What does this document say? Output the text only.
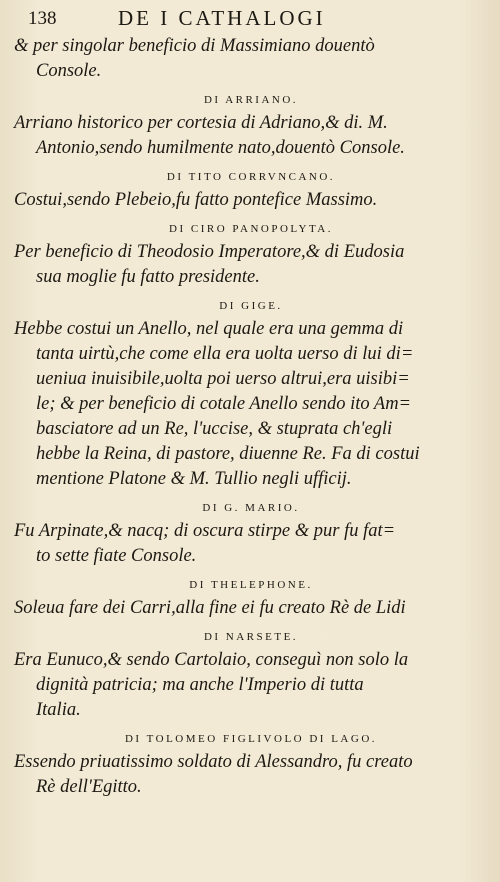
138	DE I CATHALOGI
& per singolar beneficio di Massimiano douentò
Console.
DI ARRIANO.
Arriano historico per cortesia di Adriano,& di. M.
Antonio,sendo humilmente nato,douentò Console.
DI TITO CORRVNCANO.
Costui,sendo Plebeio,fu fatto pontefice Massimo.
DI CIRO PANOPOLYTA.
Per beneficio di Theodosio Imperatore,& di Eudosia
sua moglie fu fatto presidente.
DI GIGE.
Hebbe costui un Anello, nel quale era una gemma di
tanta uirtù,che come ella era uolta uerso di lui di=
ueniua inuisibile,uolta poi uerso altrui,era uisibi=
le; & per beneficio di cotale Anello sendo ito Am=
basciatore ad un Re, l'uccise, & stuprata ch'egli
hebbe la Reina, di pastore, diuenne Re. Fa di costui
mentione Platone & M. Tullio negli ufficij.
DI G. MARIO.
Fu Arpinate,& nacq; di oscura stirpe & pur fu fat=
to sette fiate Console.
DI THELEPHONE.
Soleua fare dei Carri,alla fine ei fu creato Rè de Lidi
DI NARSETE.
Era Eunuco,& sendo Cartolaio, conseguì non solo la
dignità patricia; ma anche l'Imperio di tutta
Italia.
DI TOLOMEO FIGLIVOLO DI LAGO.
Essendo priuatissimo soldato di Alessandro, fu creato
Rè dell'Egitto.
